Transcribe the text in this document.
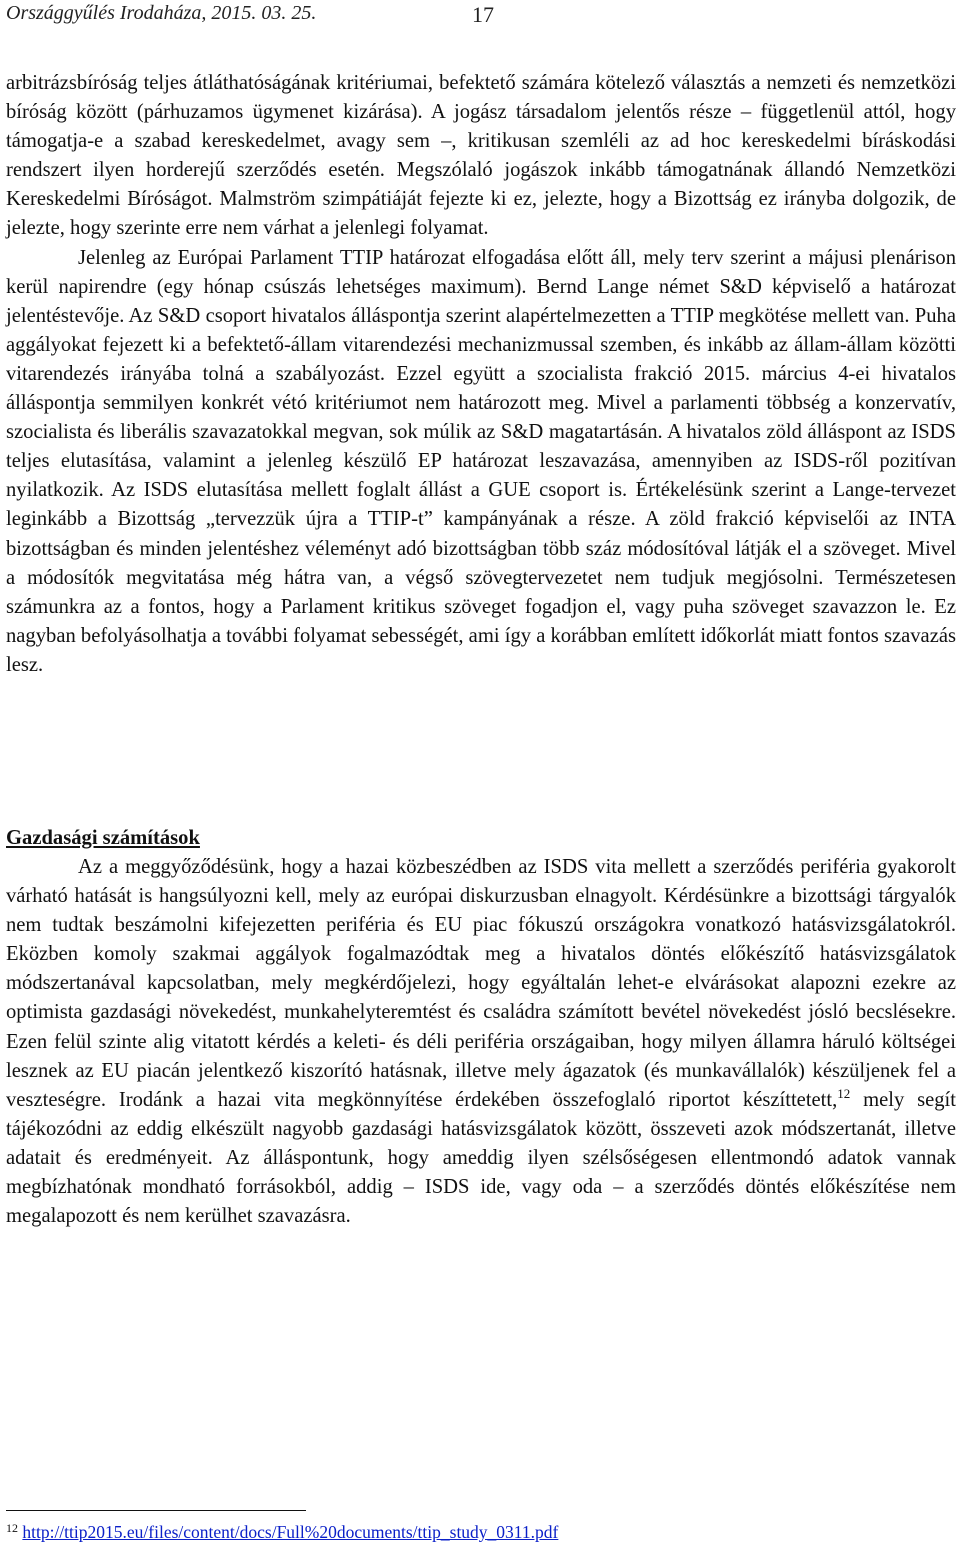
Országgyűlés Irodaháza, 2015. 03. 25.	17

arbitrázsbíróság teljes átláthatóságának kritériumai, befektető számára kötelező választás a nemzeti és nemzetközi bíróság között (párhuzamos ügymenet kizárása). A jogász társadalom jelentős része – függetlenül attól, hogy támogatja-e a szabad kereskedelmet, avagy sem –, kritikusan szemléli az ad hoc kereskedelmi bíráskodási rendszert ilyen horderejű szerződés esetén. Megszólaló jogászok inkább támogatnának állandó Nemzetközi Kereskedelmi Bíróságot. Malmström szimpátiáját fejezte ki ez, jelezte, hogy a Bizottság ez irányba dolgozik, de jelezte, hogy szerinte erre nem várhat a jelenlegi folyamat.

Jelenleg az Európai Parlament TTIP határozat elfogadása előtt áll, mely terv szerint a májusi plenárison kerül napirendre (egy hónap csúszás lehetséges maximum). Bernd Lange német S&D képviselő a határozat jelentéstevője. Az S&D csoport hivatalos álláspontja szerint alapértelmezetten a TTIP megkötése mellett van. Puha aggályokat fejezett ki a befektető-állam vitarendezési mechanizmussal szemben, és inkább az állam-állam közötti vitarendezés irányába tolná a szabályozást. Ezzel együtt a szocialista frakció 2015. március 4-ei hivatalos álláspontja semmilyen konkrét vétó kritériumot nem határozott meg. Mivel a parlamenti többség a konzervatív, szocialista és liberális szavazatokkal megvan, sok múlik az S&D magatartásán. A hivatalos zöld álláspont az ISDS teljes elutasítása, valamint a jelenleg készülő EP határozat leszavazása, amennyiben az ISDS-ről pozitívan nyilatkozik. Az ISDS elutasítása mellett foglalt állást a GUE csoport is. Értékelésünk szerint a Lange-tervezet leginkább a Bizottság „tervezzük újra a TTIP-t” kampányának a része. A zöld frakció képviselői az INTA bizottságban és minden jelentéshez véleményt adó bizottságban több száz módosítóval látják el a szöveget. Mivel a módosítók megvitatása még hátra van, a végső szövegtervezetet nem tudjuk megjósolni. Természetesen számunkra az a fontos, hogy a Parlament kritikus szöveget fogadjon el, vagy puha szöveget szavazzon le. Ez nagyban befolyásolhatja a további folyamat sebességét, ami így a korábban említett időkorlát miatt fontos szavazás lesz.

Gazdasági számítások

Az a meggyőződésünk, hogy a hazai közbeszédben az ISDS vita mellett a szerződés periféria gyakorolt várható hatását is hangsúlyozni kell, mely az európai diskurzusban elnagyolt. Kérdésünkre a bizottsági tárgyalók nem tudtak beszámolni kifejezetten periféria és EU piac fókuszú országokra vonatkozó hatásvizsgálatokról. Eközben komoly szakmai aggályok fogalmazódtak meg a hivatalos döntés előkészítő hatásvizsgálatok módszertanával kapcsolatban, mely megkérdőjelezi, hogy egyáltalán lehet-e elvárásokat alapozni ezekre az optimista gazdasági növekedést, munkahelyteremtést és családra számított bevétel növekedést jósló becslésekre. Ezen felül szinte alig vitatott kérdés a keleti- és déli periféria országaiban, hogy milyen államra háruló költségei lesznek az EU piacán jelentkező kiszorító hatásnak, illetve mely ágazatok (és munkavállalók) készüljenek fel a veszteségre. Irodánk a hazai vita megkönnyítése érdekében összefoglaló riportot készíttetett,$^{12}$ mely segít tájékozódni az eddig elkészült nagyobb gazdasági hatásvizsgálatok között, összeveti azok módszertanát, illetve adatait és eredményeit. Az álláspontunk, hogy ameddig ilyen szélsőségesen ellentmondó adatok vannak megbízhatónak mondható forrásokból, addig – ISDS ide, vagy oda – a szerződés döntés előkészítése nem megalapozott és nem kerülhet szavazásra.

$^{12}$ http://ttip2015.eu/files/content/docs/Full%20documents/ttip_study_0311.pdf
